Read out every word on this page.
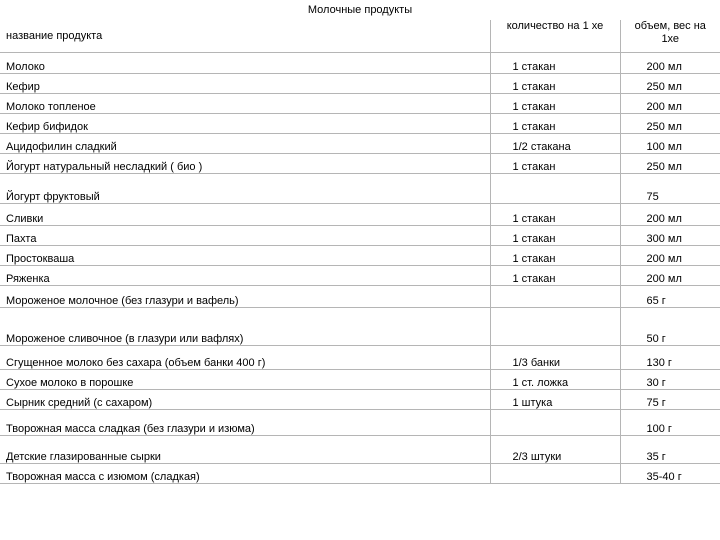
Молочные продукты
название продукта	количество на 1 хе	объем, вес на 1хе
Молоко	1 стакан	200 мл
Кефир	1 стакан	250 мл
Молоко топленое	1 стакан	200 мл
Кефир бифидок	1 стакан	250 мл
Ацидофилин сладкий	1/2 стакана	100 мл
Йогурт натуральный несладкий ( био )	1 стакан	250 мл
Йогурт фруктовый		75
Сливки	1 стакан	200 мл
Пахта	1 стакан	300 мл
Простокваша	1 стакан	200 мл
Ряженка	1 стакан	200 мл
Мороженое молочное (без глазури и вафель)		65 г
Мороженое сливочное (в глазури или вафлях)		50 г
Сгущенное молоко без сахара (объем банки 400 г)	1/3 банки	130 г
Сухое молоко в порошке	1 ст. ложка	30 г
Сырник средний (с сахаром)	1 штука	75 г
Творожная масса сладкая (без глазури и изюма)		100 г
Детские глазированные сырки	2/3 штуки	35 г
Творожная масса с изюмом (сладкая)		35-40 г
